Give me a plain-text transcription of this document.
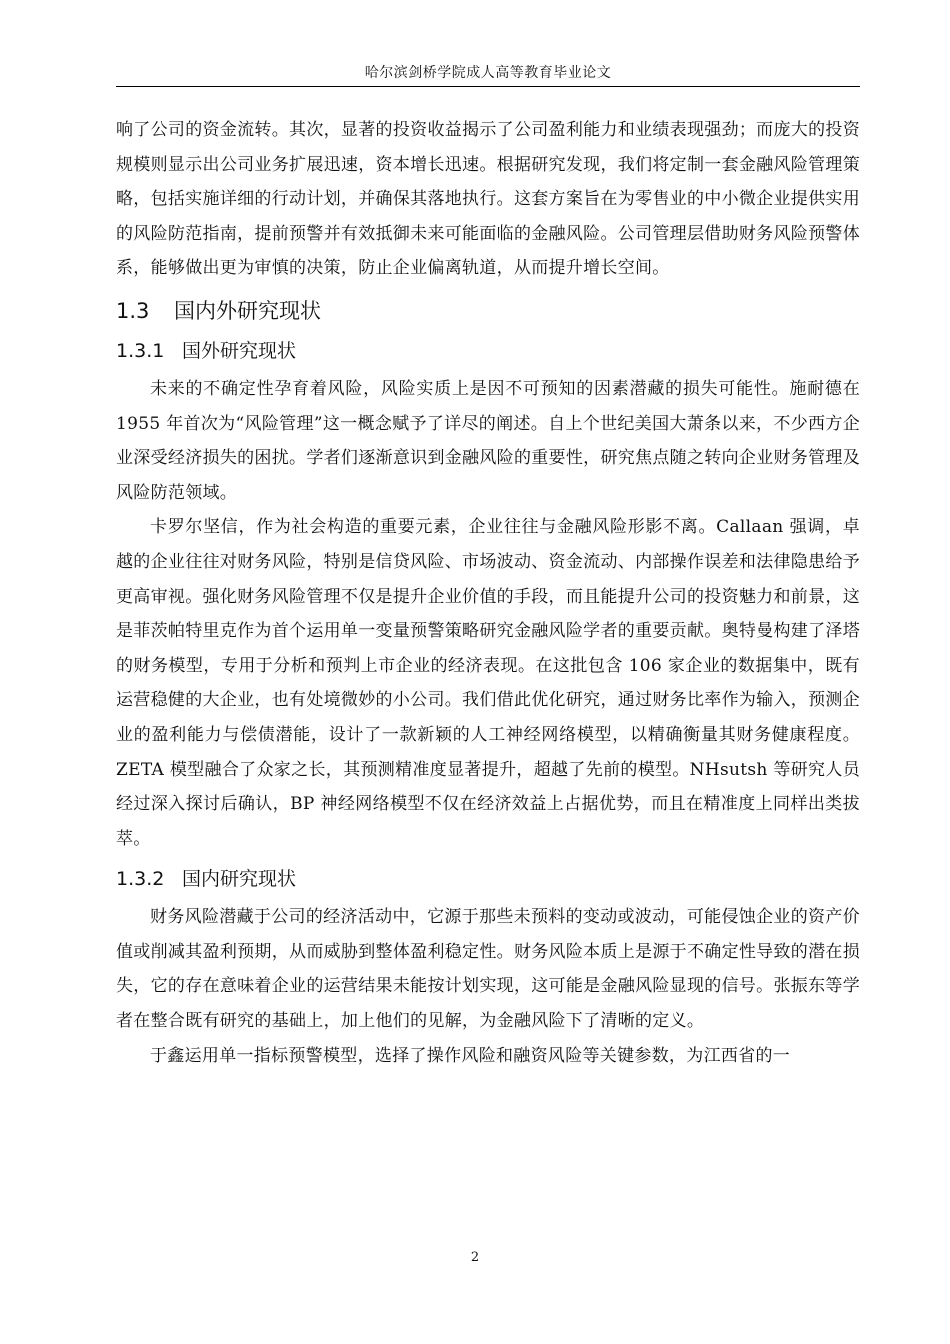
哈尔滨剑桥学院成人高等教育毕业论文

响了公司的资金流转。其次，显著的投资收益揭示了公司盈利能力和业绩表现强劲；而庞大的投资规模则显示出公司业务扩展迅速，资本增长迅速。根据研究发现，我们将定制一套金融风险管理策略，包括实施详细的行动计划，并确保其落地执行。这套方案旨在为零售业的中小微企业提供实用的风险防范指南，提前预警并有效抵御未来可能面临的金融风险。公司管理层借助财务风险预警体系，能够做出更为审慎的决策，防止企业偏离轨道，从而提升增长空间。

1.3 国内外研究现状
1.3.1 国外研究现状

未来的不确定性孕育着风险，风险实质上是因不可预知的因素潜藏的损失可能性。施耐德在 1955 年首次为“风险管理”这一概念赋予了详尽的阐述。自上个世纪美国大萧条以来，不少西方企业深受经济损失的困扰。学者们逐渐意识到金融风险的重要性，研究焦点随之转向企业财务管理及风险防范领域。

卡罗尔坚信，作为社会构造的重要元素，企业往往与金融风险形影不离。Callaan 强调，卓越的企业往往对财务风险，特别是信贷风险、市场波动、资金流动、内部操作误差和法律隐患给予更高审视。强化财务风险管理不仅是提升企业价值的手段，而且能提升公司的投资魅力和前景，这是菲茨帕特里克作为首个运用单一变量预警策略研究金融风险学者的重要贡献。奥特曼构建了泽塔的财务模型，专用于分析和预判上市企业的经济表现。在这批包含 106 家企业的数据集中，既有运营稳健的大企业，也有处境微妙的小公司。我们借此优化研究，通过财务比率作为输入，预测企业的盈利能力与偿债潜能，设计了一款新颖的人工神经网络模型，以精确衡量其财务健康程度。ZETA 模型融合了众家之长，其预测精准度显著提升，超越了先前的模型。NHsutsh 等研究人员经过深入探讨后确认，BP 神经网络模型不仅在经济效益上占据优势，而且在精准度上同样出类拔萃。

1.3.2 国内研究现状

财务风险潜藏于公司的经济活动中，它源于那些未预料的变动或波动，可能侵蚀企业的资产价值或削减其盈利预期，从而威胁到整体盈利稳定性。财务风险本质上是源于不确定性导致的潜在损失，它的存在意味着企业的运营结果未能按计划实现，这可能是金融风险显现的信号。张振东等学者在整合既有研究的基础上，加上他们的见解，为金融风险下了清晰的定义。

于鑫运用单一指标预警模型，选择了操作风险和融资风险等关键参数，为江西省的一

2
